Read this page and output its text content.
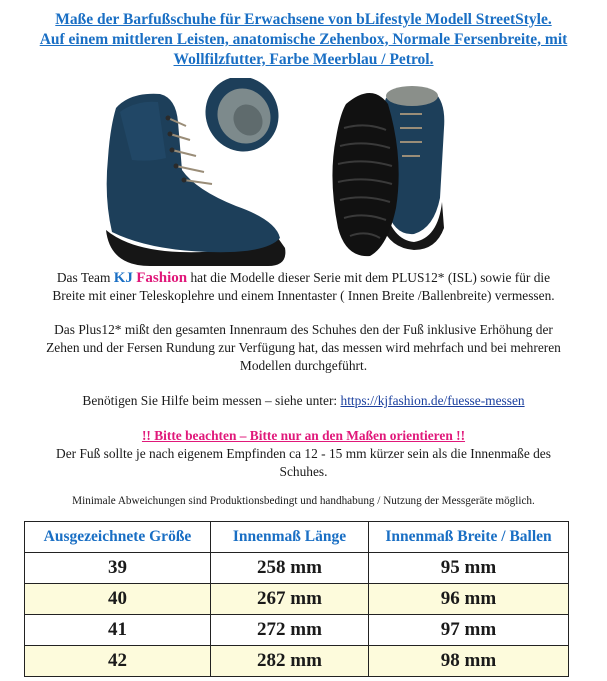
Maße der Barfußschuhe für Erwachsene von bLifestyle Modell StreetStyle.
Auf einem mittleren Leisten, anatomische Zehenbox, Normale Fersenbreite, mit
Wollfilzfutter, Farbe Meerblau / Petrol.
Das Team KJ Fashion hat die Modelle dieser Serie mit dem PLUS12* (ISL) sowie für die
Breite mit einer Teleskoplehre und einem Innentaster ( Innen Breite /Ballenbreite) vermessen.
Das Plus12* mißt den gesamten Innenraum des Schuhes den der Fuß inklusive Erhöhung der
Zehen und der Fersen Rundung zur Verfügung hat, das messen wird mehrfach und bei mehreren
Modellen durchgeführt.
Benötigen Sie Hilfe beim messen – siehe unter: https://kjfashion.de/fuesse-messen
!! Bitte beachten – Bitte nur an den Maßen orientieren !!
Der Fuß sollte je nach eigenem Empfinden ca 12 - 15 mm kürzer sein als die Innenmaße des
Schuhes.
Minimale Abweichungen sind Produktionsbedingt und handhabung / Nutzung der Messgeräte möglich.
Ausgezeichnete Größe	Innenmaß Länge	Innenmaß Breite / Ballen
39	258 mm	95 mm
40	267 mm	96 mm
41	272 mm	97 mm
42	282 mm	98 mm
